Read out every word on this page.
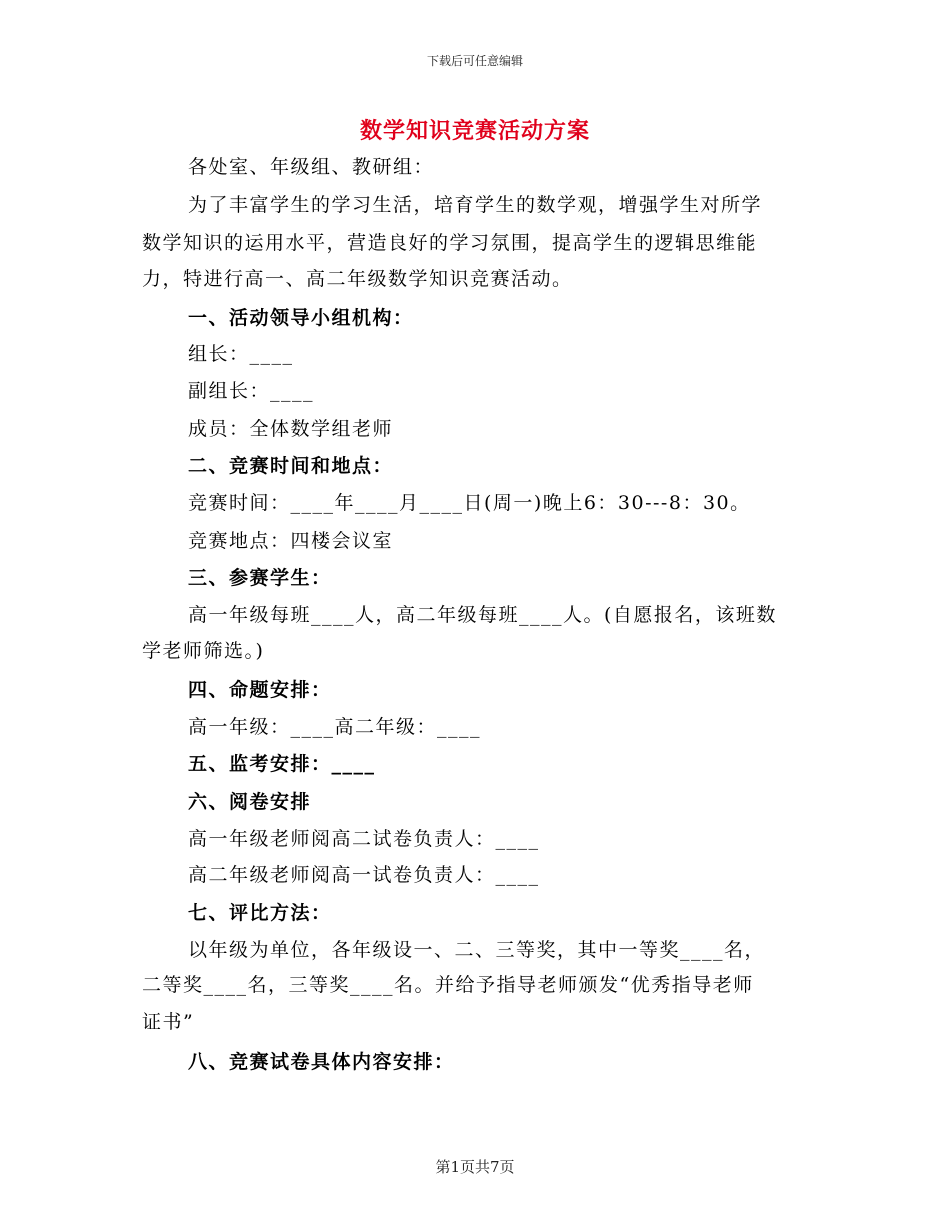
下载后可任意编辑
数学知识竞赛活动方案
各处室、年级组、教研组：
为了丰富学生的学习生活，培育学生的数学观，增强学生对所学
数学知识的运用水平，营造良好的学习氛围，提高学生的逻辑思维能
力，特进行高一、高二年级数学知识竞赛活动。
一、活动领导小组机构：
组长：____
副组长：____
成员：全体数学组老师
二、竞赛时间和地点：
竞赛时间：____年____月____日(周一)晚上6：30---8：30。
竞赛地点：四楼会议室
三、参赛学生：
高一年级每班____人，高二年级每班____人。(自愿报名，该班数
学老师筛选。)
四、命题安排：
高一年级：____高二年级：____
五、监考安排：____
六、阅卷安排
高一年级老师阅高二试卷负责人：____
高二年级老师阅高一试卷负责人：____
七、评比方法：
以年级为单位，各年级设一、二、三等奖，其中一等奖____名，
二等奖____名，三等奖____名。并给予指导老师颁发“优秀指导老师
证书”
八、竞赛试卷具体内容安排：
第1页共7页
